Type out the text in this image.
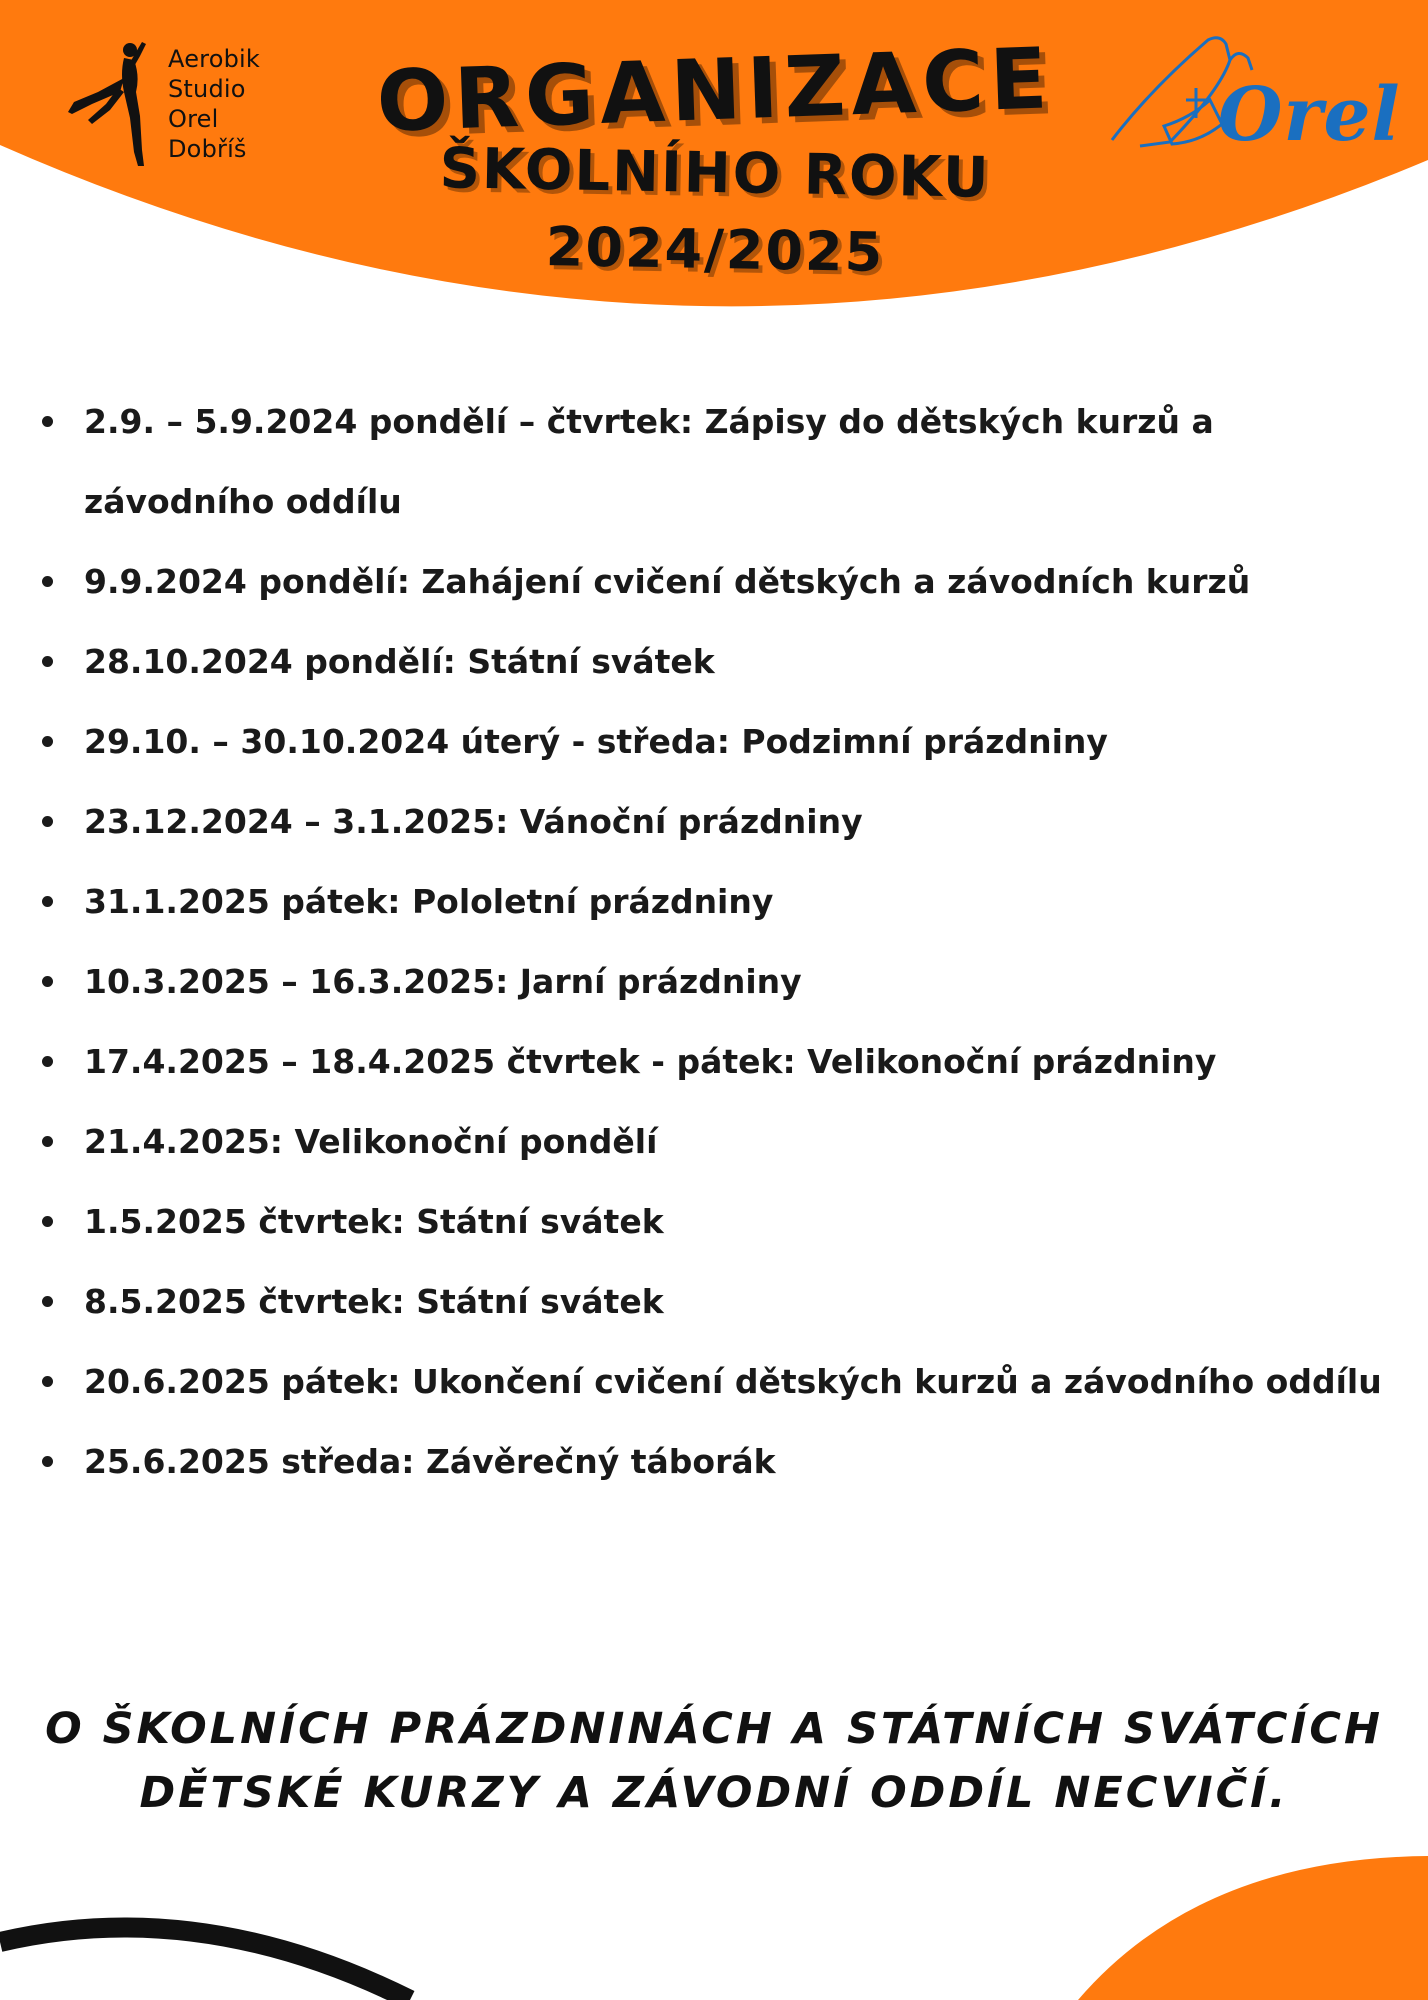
Aerobik
Studio
Orel
Dobříš	ORGANIZACE
ŠKOLNÍHO ROKU
2024/2025
Orel
2.9. – 5.9.2024 pondělí – čtvrtek: Zápisy do dětských kurzů a závodního oddílu
9.9.2024 pondělí: Zahájení cvičení dětských a závodních kurzů
28.10.2024 pondělí: Státní svátek
29.10. – 30.10.2024 úterý - středa: Podzimní prázdniny
23.12.2024 – 3.1.2025: Vánoční prázdniny
31.1.2025 pátek: Pololetní prázdniny
10.3.2025 – 16.3.2025: Jarní prázdniny
17.4.2025 – 18.4.2025 čtvrtek - pátek: Velikonoční prázdniny
21.4.2025: Velikonoční pondělí
1.5.2025 čtvrtek: Státní svátek
8.5.2025 čtvrtek: Státní svátek
20.6.2025 pátek: Ukončení cvičení dětských kurzů a závodního oddílu
25.6.2025 středa: Závěrečný táborák
O ŠKOLNÍCH PRÁZDNINÁCH A STÁTNÍCH SVÁTCÍCH
DĚTSKÉ KURZY A ZÁVODNÍ ODDÍL NECVIČÍ.
